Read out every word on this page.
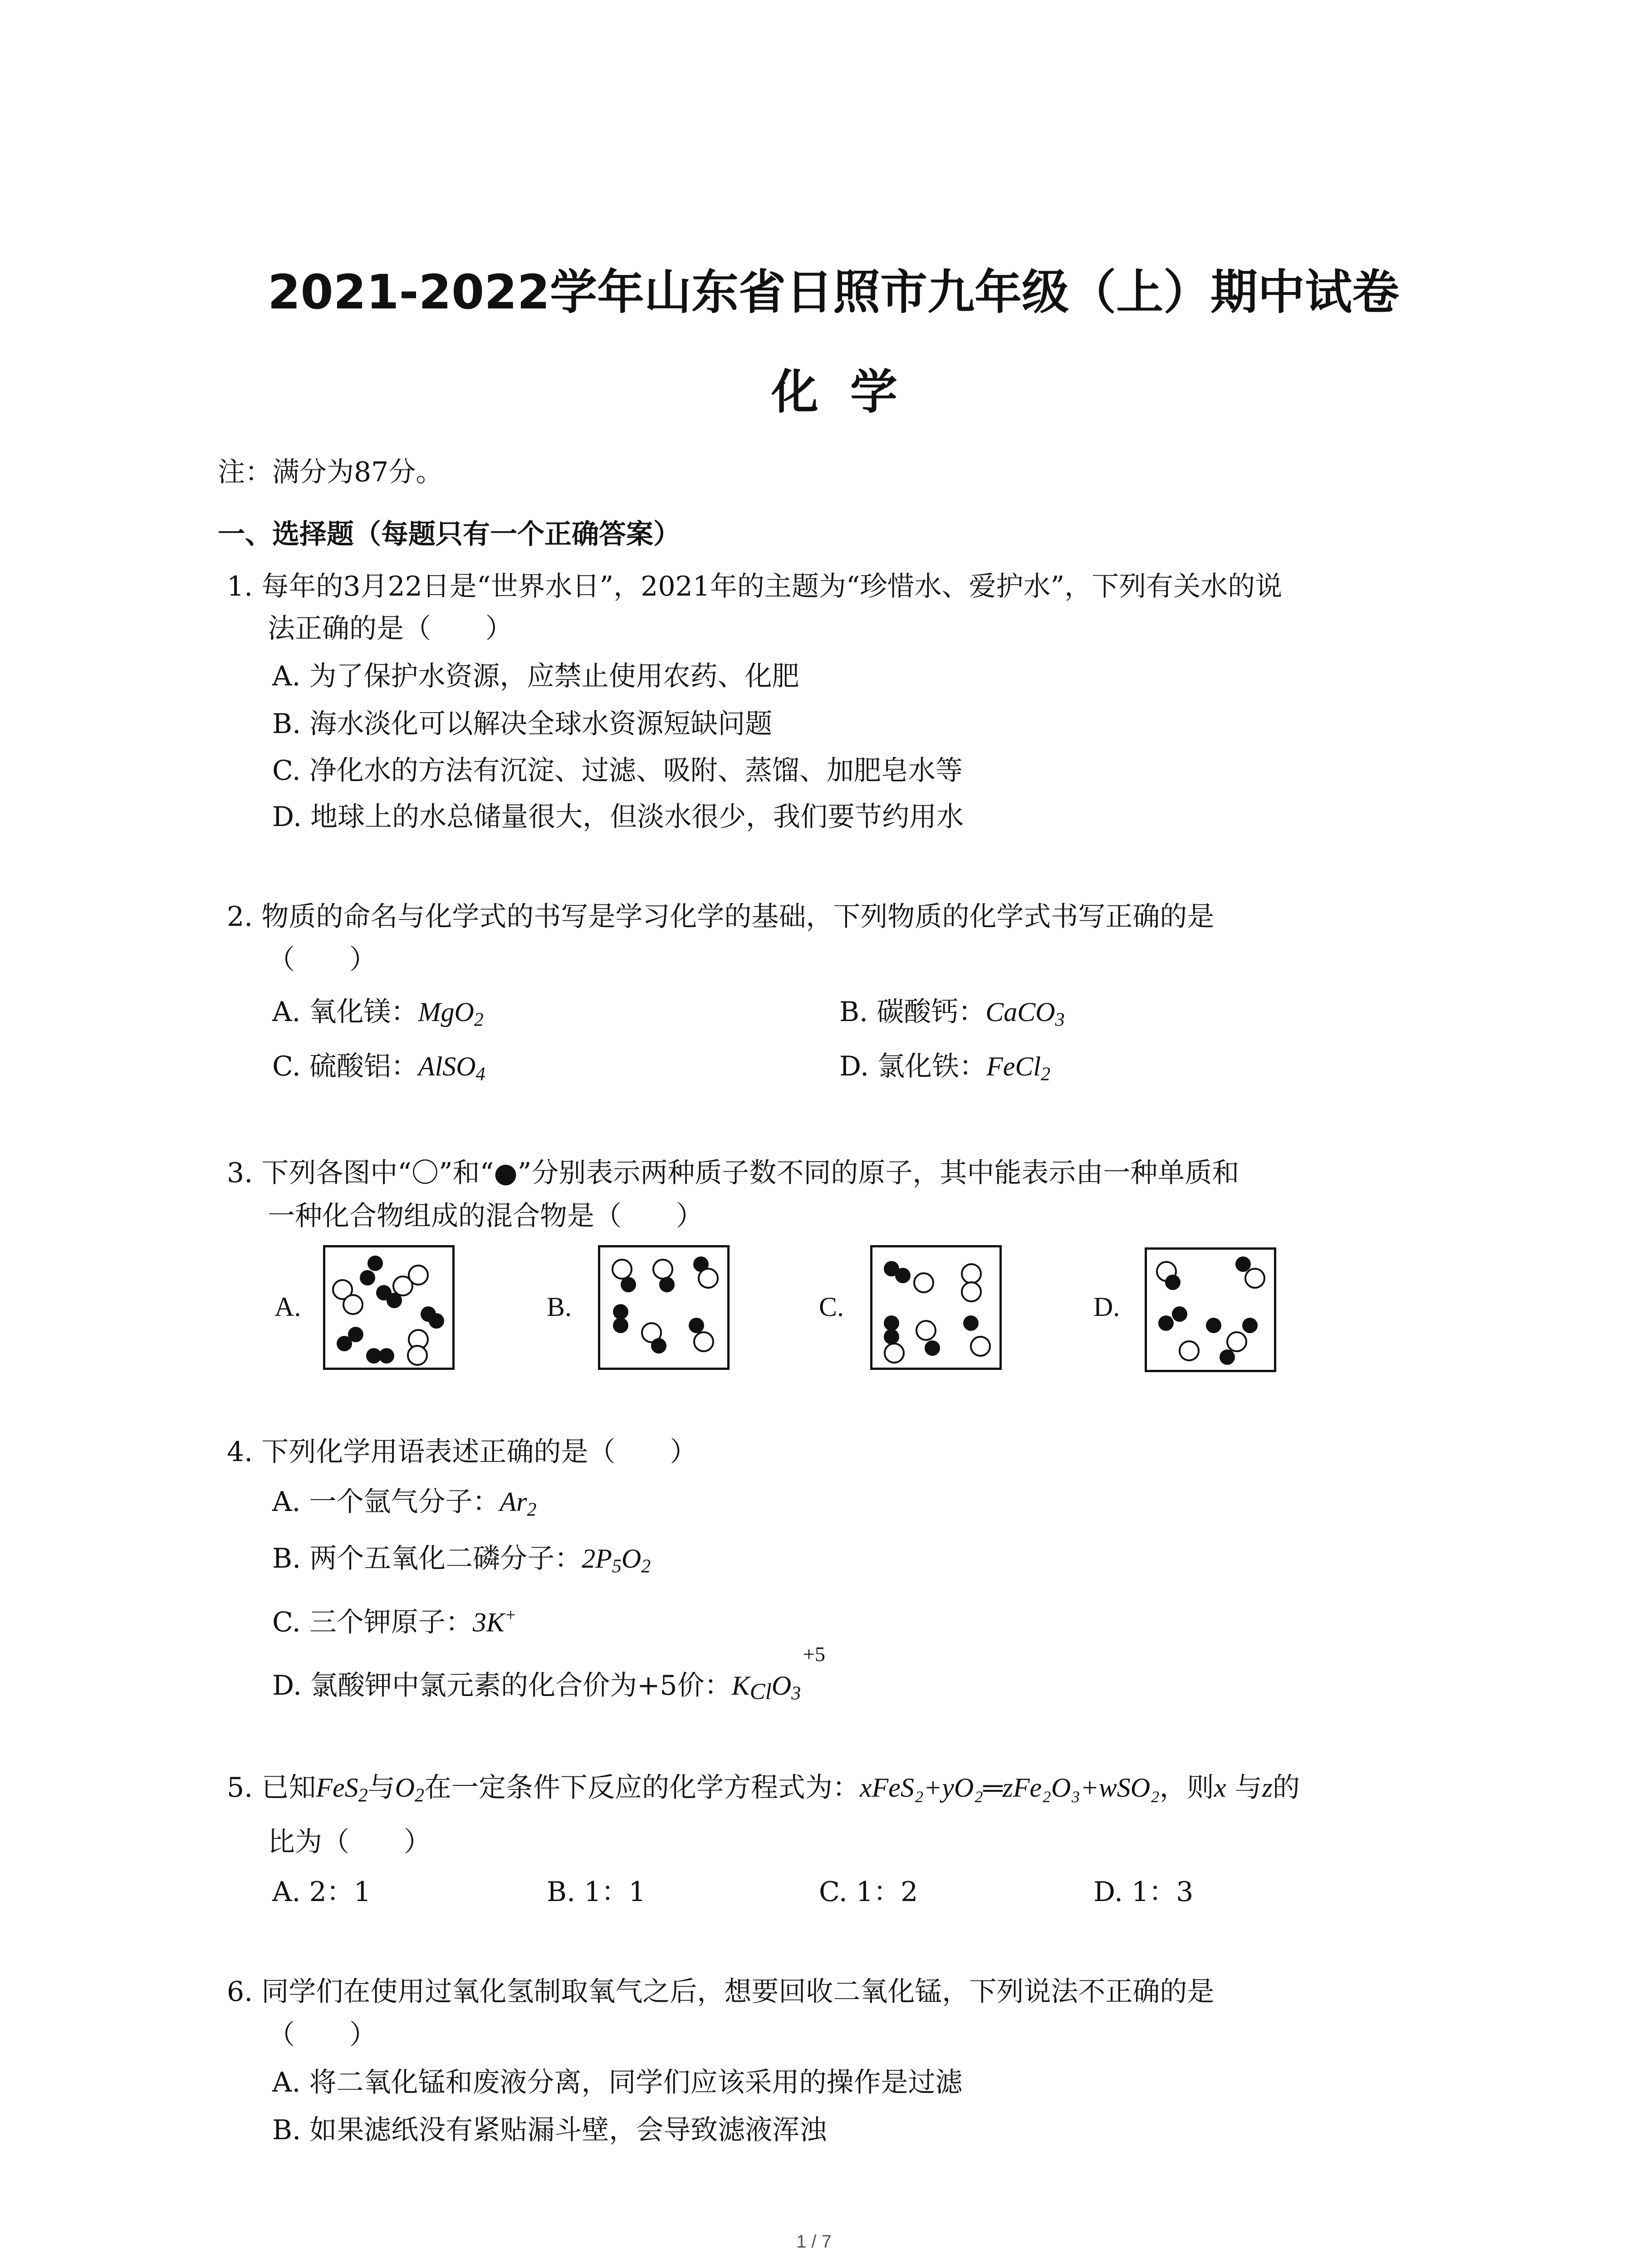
2021-2022学年山东省日照市九年级（上）期中试卷
化学
注：满分为87分。
一、选择题（每题只有一个正确答案）
1. 每年的3月22日是“世界水日”，2021年的主题为“珍惜水、爱护水”，下列有关水的说
法正确的是（　　）
A. 为了保护水资源，应禁止使用农药、化肥
B. 海水淡化可以解决全球水资源短缺问题
C. 净化水的方法有沉淀、过滤、吸附、蒸馏、加肥皂水等
D. 地球上的水总储量很大，但淡水很少，我们要节约用水
2. 物质的命名与化学式的书写是学习化学的基础，下列物质的化学式书写正确的是
（　　）
A. 氧化镁：MgO$_2$	B. 碳酸钙：CaCO$_3$
C. 硫酸铝：AlSO$_4$	D. 氯化铁：FeCl$_2$
3. 下列各图中“〇”和“●”分别表示两种质子数不同的原子，其中能表示由一种单质和
一种化合物组成的混合物是（　　）
A.	B.	C.	D.
4. 下列化学用语表述正确的是（　　）
A. 一个氩气分子：$Ar_2$
B. 两个五氧化二磷分子：$2P_5O_2$
C. 三个钾原子：3K+
+5
D. 氯酸钾中氯元素的化合价为+5价：KClO$_3$
5. 已知FeS$_2$与$O_2$在一定条件下反应的化学方程式为：xFeS₂+yO₂═zFe₂O₃+wSO₂，则x 与z的
比为（　　）
A. 2：1	B. 1：1	C. 1：2	D. 1：3
6. 同学们在使用过氧化氢制取氧气之后，想要回收二氧化锰，下列说法不正确的是
（　　）
A. 将二氧化锰和废液分离，同学们应该采用的操作是过滤
B. 如果滤纸没有紧贴漏斗壁，会导致滤液浑浊
1 / 7
